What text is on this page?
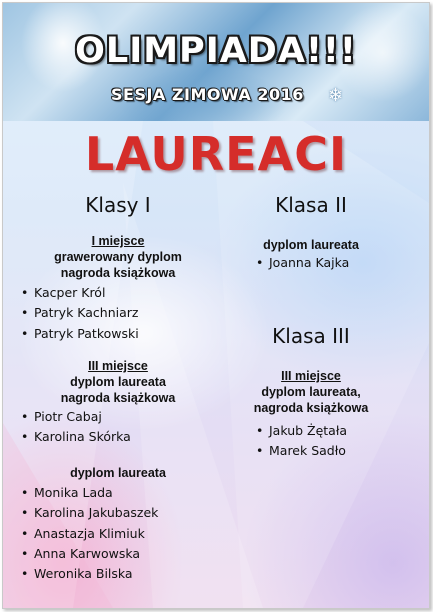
OLIMPIADA!!!
SESJA ZIMOWA 2016 ❄
LAUREACI
Klasy I
I miejsce
grawerowany dyplom
nagroda książkowa
• Kacper Król
• Patryk Kachniarz
• Patryk Patkowski
III miejsce
dyplom laureata
nagroda książkowa
• Piotr Cabaj
• Karolina Skórka
dyplom laureata
• Monika Lada
• Karolina Jakubaszek
• Anastazja Klimiuk
• Anna Karwowska
• Weronika Bilska
Klasa II
dyplom laureata
• Joanna Kajka
Klasa III
III miejsce
dyplom laureata,
nagroda książkowa
• Jakub Żętała
• Marek Sadło
